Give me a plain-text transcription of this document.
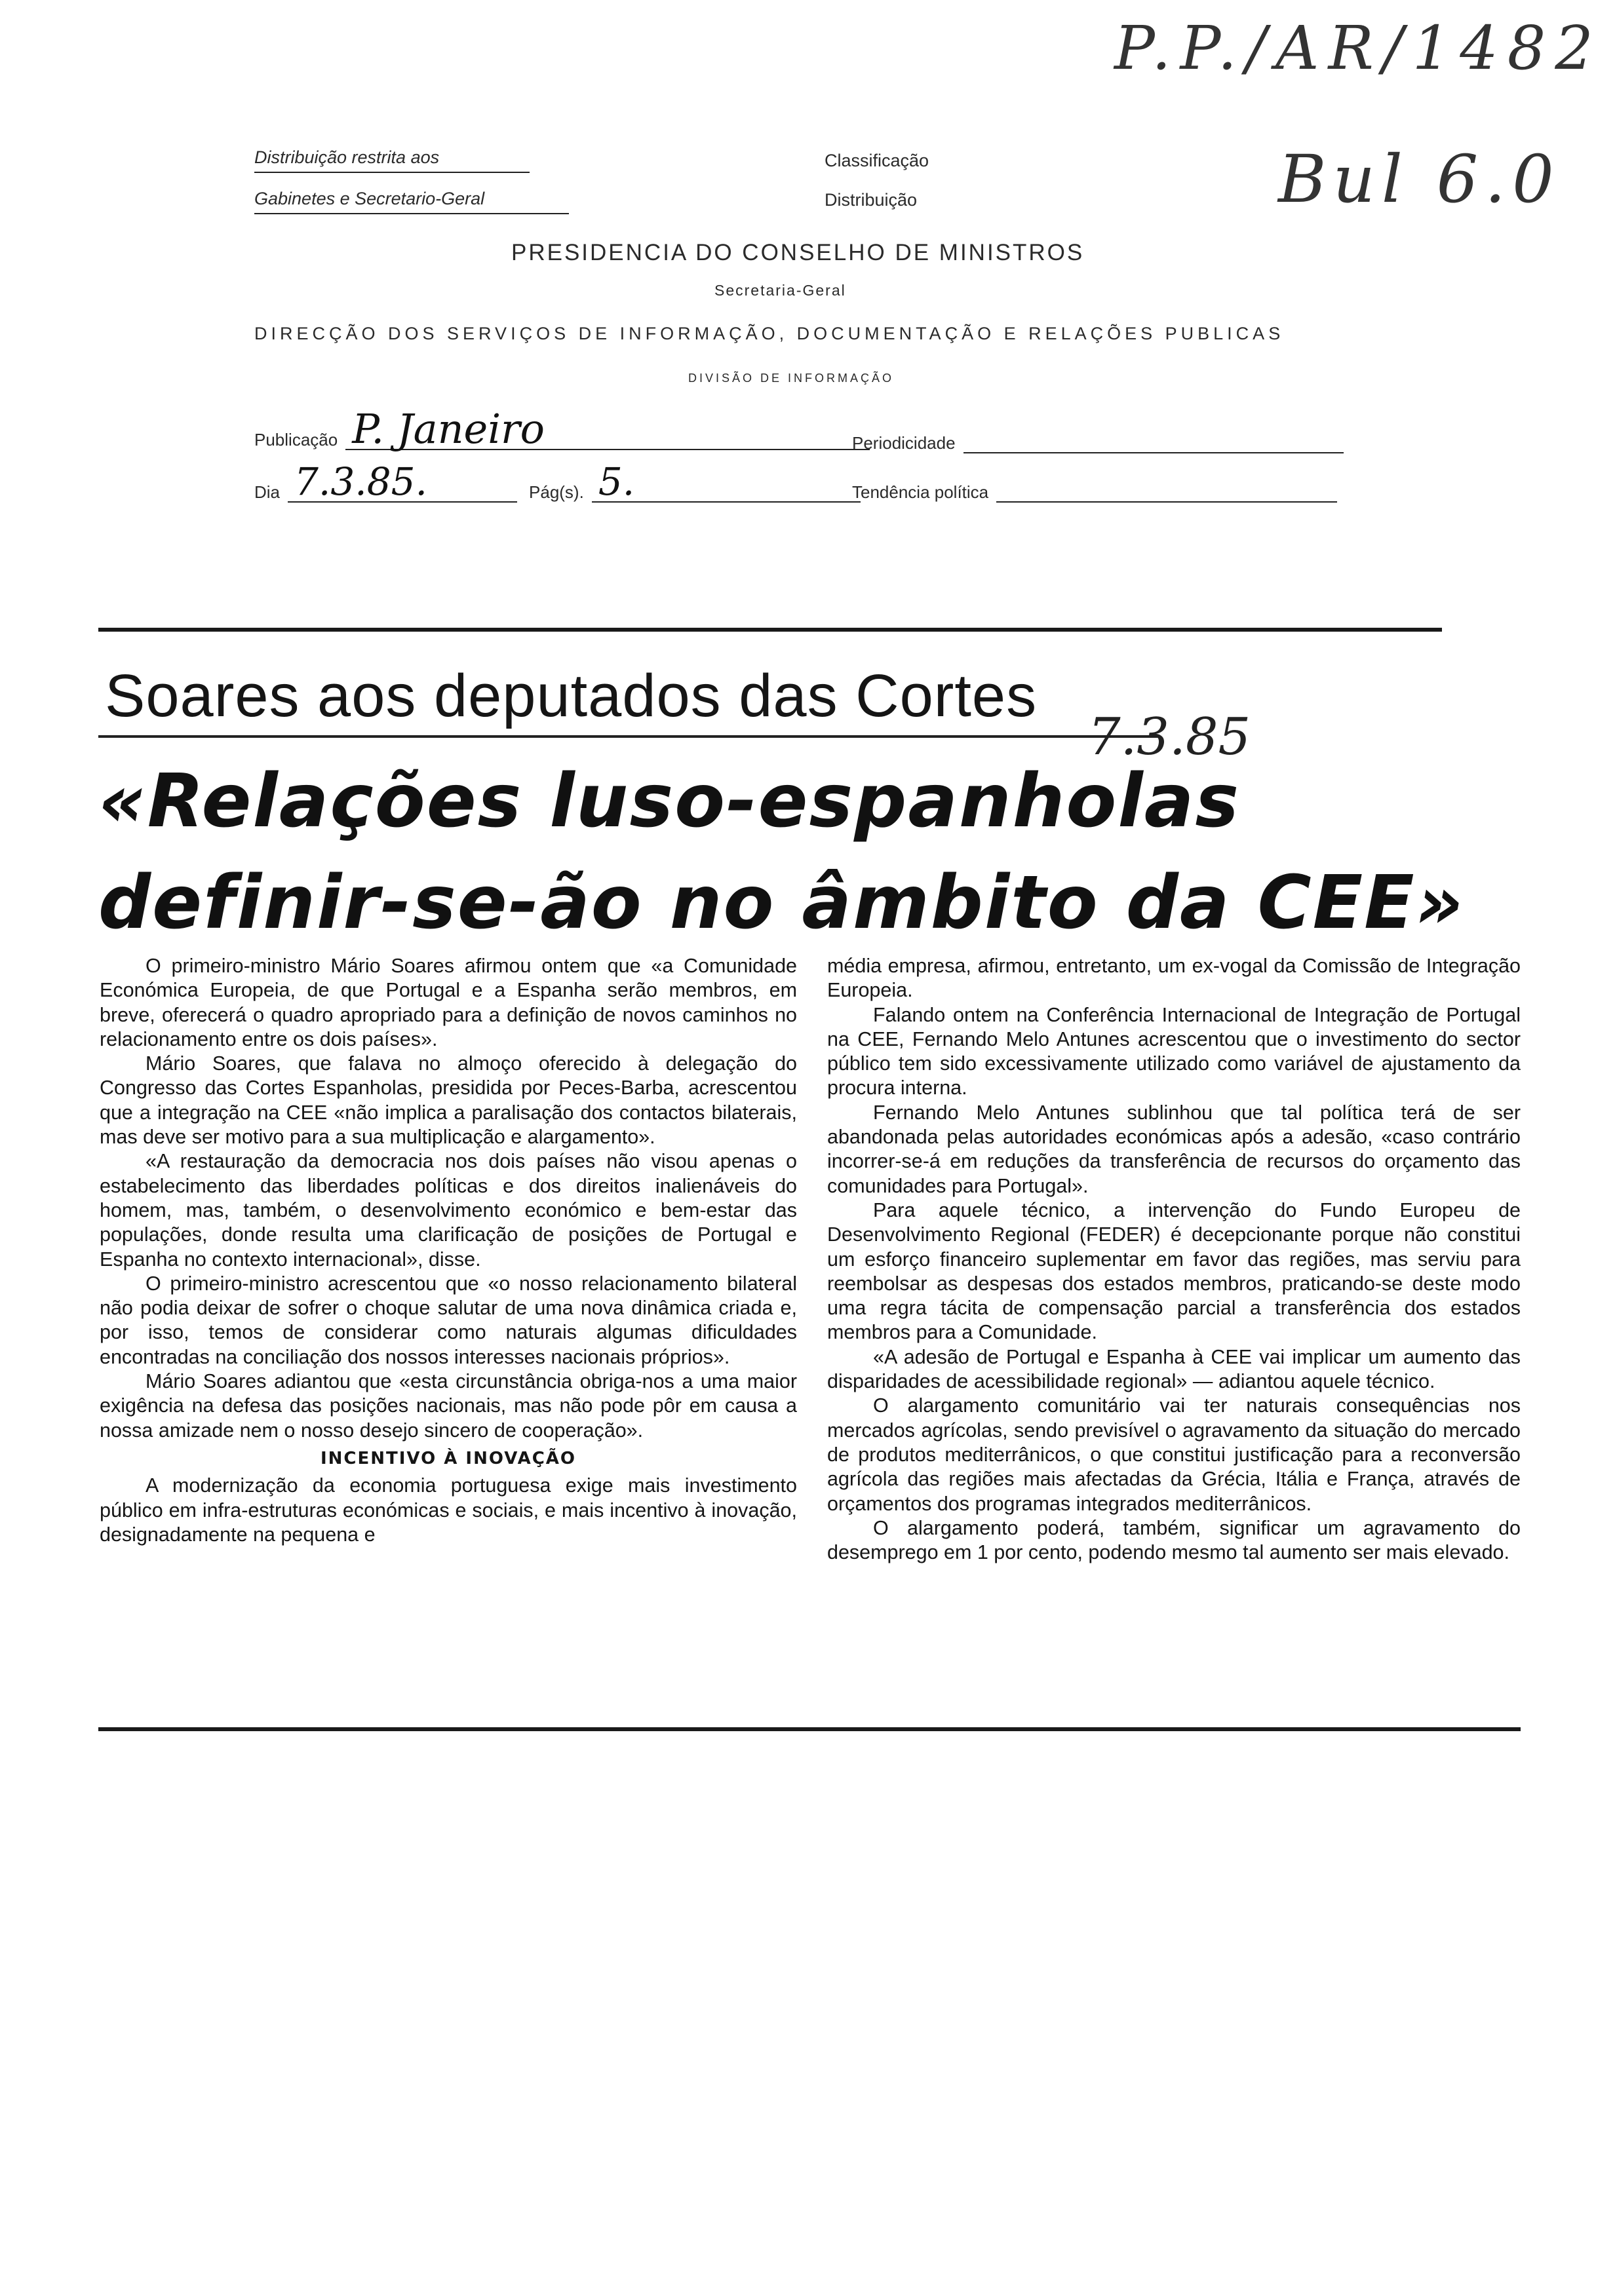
P.P./AR/1482
Bul 6.0
Distribuição restrita aos
Gabinetes e Secretario-Geral
Classificação
Distribuição
PRESIDENCIA DO CONSELHO DE MINISTROS
Secretaria-Geral
DIRECÇÃO DOS SERVIÇOS DE INFORMAÇÃO, DOCUMENTAÇÃO E RELAÇÕES PUBLICAS
DIVISÃO DE INFORMAÇÃO
Publicação P. Janeiro	Periodicidade
Dia 7.3.85.	Pág(s). 5.	Tendência política
Soares aos deputados das Cortes
7.3.85
«Relações luso-espanholas
definir-se-ão no âmbito da CEE»

O primeiro-ministro Mário Soares afirmou ontem que «a Comunidade Económica Europeia, de que Portugal e a Espanha serão membros, em breve, oferecerá o quadro apropriado para a definição de novos caminhos no relacionamento entre os dois países».

Mário Soares, que falava no almoço oferecido à delegação do Congresso das Cortes Espanholas, presidida por Peces-Barba, acrescentou que a integração na CEE «não implica a paralisação dos contactos bilaterais, mas deve ser motivo para a sua multiplicação e alargamento».

«A restauração da democracia nos dois países não visou apenas o estabelecimento das liberdades políticas e dos direitos inalienáveis do homem, mas, também, o desenvolvimento económico e bem-estar das populações, donde resulta uma clarificação de posições de Portugal e Espanha no contexto internacional», disse.

O primeiro-ministro acrescentou que «o nosso relacionamento bilateral não podia deixar de sofrer o choque salutar de uma nova dinâmica criada e, por isso, temos de considerar como naturais algumas dificuldades encontradas na conciliação dos nossos interesses nacionais próprios».

Mário Soares adiantou que «esta circunstância obriga-nos a uma maior exigência na defesa das posições nacionais, mas não pode pôr em causa a nossa amizade nem o nosso desejo sincero de cooperação».

INCENTIVO À INOVAÇÃO

A modernização da economia portuguesa exige mais investimento público em infra-estruturas económicas e sociais, e mais incentivo à inovação, designadamente na pequena e

média empresa, afirmou, entretanto, um ex-vogal da Comissão de Integração Europeia.

Falando ontem na Conferência Internacional de Integração de Portugal na CEE, Fernando Melo Antunes acrescentou que o investimento do sector público tem sido excessivamente utilizado como variável de ajustamento da procura interna.

Fernando Melo Antunes sublinhou que tal política terá de ser abandonada pelas autoridades económicas após a adesão, «caso contrário incorrer-se-á em reduções da transferência de recursos do orçamento das comunidades para Portugal».

Para aquele técnico, a intervenção do Fundo Europeu de Desenvolvimento Regional (FEDER) é decepcionante porque não constitui um esforço financeiro suplementar em favor das regiões, mas serviu para reembolsar as despesas dos estados membros, praticando-se deste modo uma regra tácita de compensação parcial a transferência dos estados membros para a Comunidade.

«A adesão de Portugal e Espanha à CEE vai implicar um aumento das disparidades de acessibilidade regional» — adiantou aquele técnico.

O alargamento comunitário vai ter naturais consequências nos mercados agrícolas, sendo previsível o agravamento da situação do mercado de produtos mediterrânicos, o que constitui justificação para a reconversão agrícola das regiões mais afectadas da Grécia, Itália e França, através de orçamentos dos programas integrados mediterrânicos.

O alargamento poderá, também, significar um agravamento do desemprego em 1 por cento, podendo mesmo tal aumento ser mais elevado.
